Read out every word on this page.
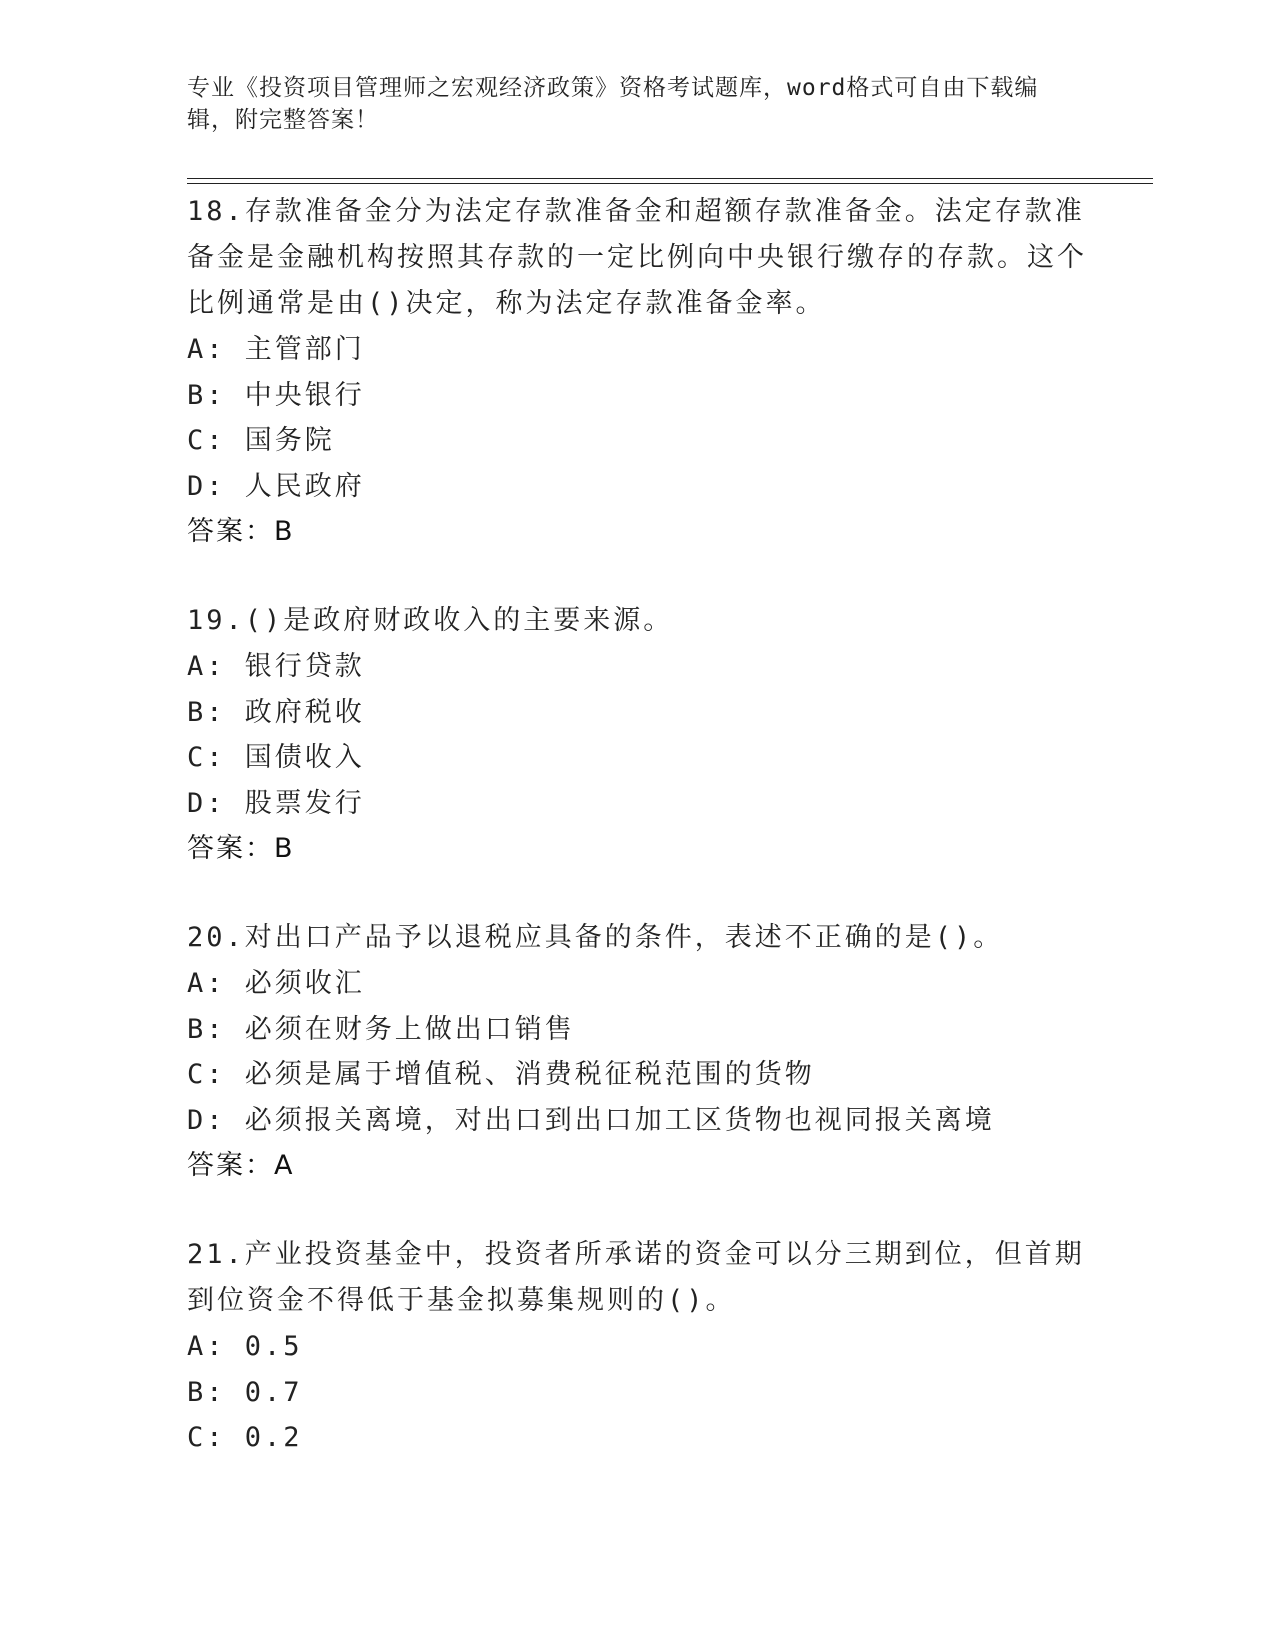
专业《投资项目管理师之宏观经济政策》资格考试题库，word格式可自由下载编辑，附完整答案！
18.存款准备金分为法定存款准备金和超额存款准备金。法定存款准备金是金融机构按照其存款的一定比例向中央银行缴存的存款。这个比例通常是由()决定，称为法定存款准备金率。
A: 主管部门
B: 中央银行
C: 国务院
D: 人民政府
答案：B
19.()是政府财政收入的主要来源。
A: 银行贷款
B: 政府税收
C: 国债收入
D: 股票发行
答案：B
20.对出口产品予以退税应具备的条件，表述不正确的是()。
A: 必须收汇
B: 必须在财务上做出口销售
C: 必须是属于增值税、消费税征税范围的货物
D: 必须报关离境，对出口到出口加工区货物也视同报关离境
答案：A
21.产业投资基金中，投资者所承诺的资金可以分三期到位，但首期到位资金不得低于基金拟募集规则的()。
A: 0.5
B: 0.7
C: 0.2
